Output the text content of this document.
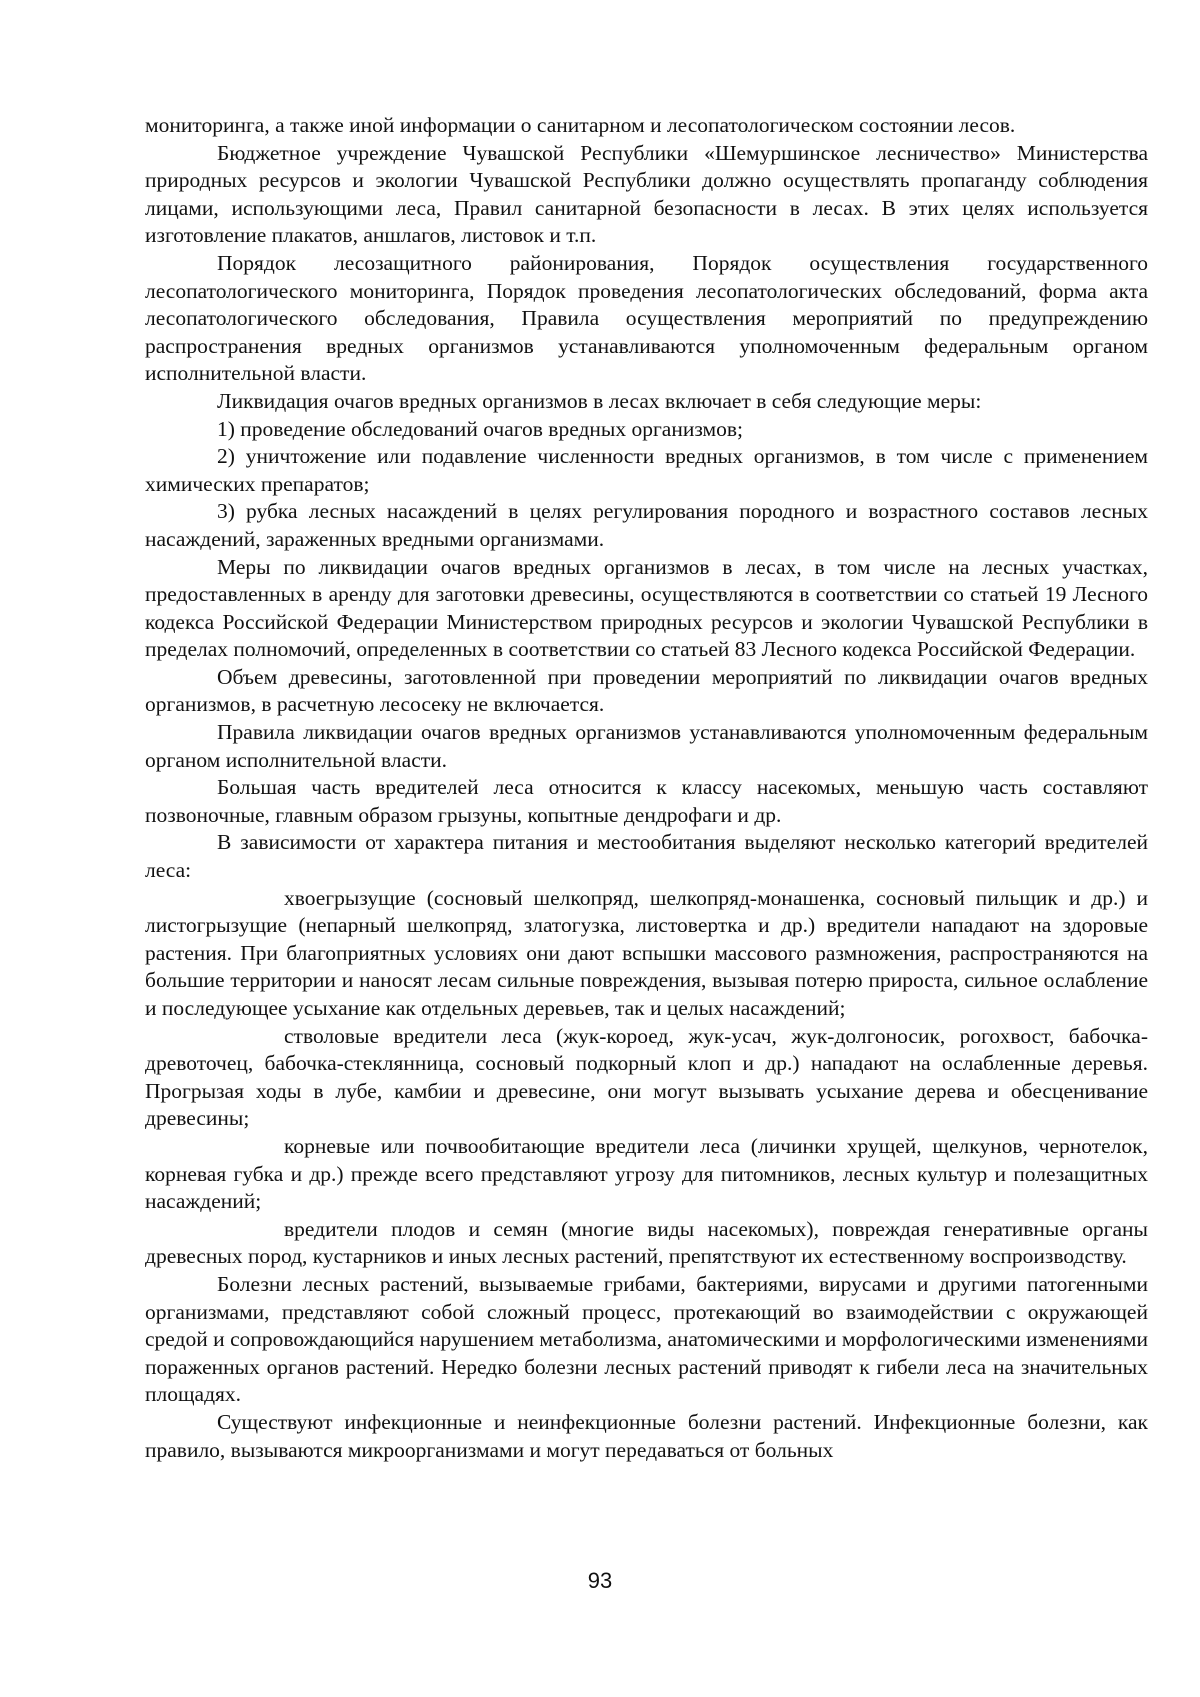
мониторинга, а также иной информации о санитарном и лесопатологическом состоянии лесов.

Бюджетное учреждение Чувашской Республики «Шемуршинское лесничество» Министерства природных ресурсов и экологии Чувашской Республики должно осуществлять пропаганду соблюдения лицами, использующими леса, Правил санитарной безопасности в лесах. В этих целях используется изготовление плакатов, аншлагов, листовок и т.п.

Порядок лесозащитного районирования, Порядок осуществления государственного лесопатологического мониторинга, Порядок проведения лесопатологических обследований, форма акта лесопатологического обследования, Правила осуществления мероприятий по предупреждению распространения вредных организмов устанавливаются уполномоченным федеральным органом исполнительной власти.

Ликвидация очагов вредных организмов в лесах включает в себя следующие меры:

1) проведение обследований очагов вредных организмов;

2) уничтожение или подавление численности вредных организмов, в том числе с применением химических препаратов;

3) рубка лесных насаждений в целях регулирования породного и возрастного составов лесных насаждений, зараженных вредными организмами.

Меры по ликвидации очагов вредных организмов в лесах, в том числе на лесных участках, предоставленных в аренду для заготовки древесины, осуществляются в соответствии со статьей 19 Лесного кодекса Российской Федерации Министерством природных ресурсов и экологии Чувашской Республики в пределах полномочий, определенных в соответствии со статьей 83 Лесного кодекса Российской Федерации.

Объем древесины, заготовленной при проведении мероприятий по ликвидации очагов вредных организмов, в расчетную лесосеку не включается.

Правила ликвидации очагов вредных организмов устанавливаются уполномоченным федеральным органом исполнительной власти.

Большая часть вредителей леса относится к классу насекомых, меньшую часть составляют позвоночные, главным образом грызуны, копытные дендрофаги и др.

В зависимости от характера питания и местообитания выделяют несколько категорий вредителей леса:

хвоегрызущие (сосновый шелкопряд, шелкопряд-монашенка, сосновый пильщик и др.) и листогрызущие (непарный шелкопряд, златогузка, листовертка и др.) вредители нападают на здоровые растения. При благоприятных условиях они дают вспышки массового размножения, распространяются на большие территории и наносят лесам сильные повреждения, вызывая потерю прироста, сильное ослабление и последующее усыхание как отдельных деревьев, так и целых насаждений;

стволовые вредители леса (жук-короед, жук-усач, жук-долгоносик, рогохвост, бабочка-древоточец, бабочка-стеклянница, сосновый подкорный клоп и др.) нападают на ослабленные деревья. Прогрызая ходы в лубе, камбии и древесине, они могут вызывать усыхание дерева и обесценивание древесины;

корневые или почвообитающие вредители леса (личинки хрущей, щелкунов, чернотелок, корневая губка и др.) прежде всего представляют угрозу для питомников, лесных культур и полезащитных насаждений;

вредители плодов и семян (многие виды насекомых), повреждая генеративные органы древесных пород, кустарников и иных лесных растений, препятствуют их естественному воспроизводству.

Болезни лесных растений, вызываемые грибами, бактериями, вирусами и другими патогенными организмами, представляют собой сложный процесс, протекающий во взаимодействии с окружающей средой и сопровождающийся нарушением метаболизма, анатомическими и морфологическими изменениями пораженных органов растений. Нередко болезни лесных растений приводят к гибели леса на значительных площадях.

Существуют инфекционные и неинфекционные болезни растений. Инфекционные болезни, как правило, вызываются микроорганизмами и могут передаваться от больных

93
